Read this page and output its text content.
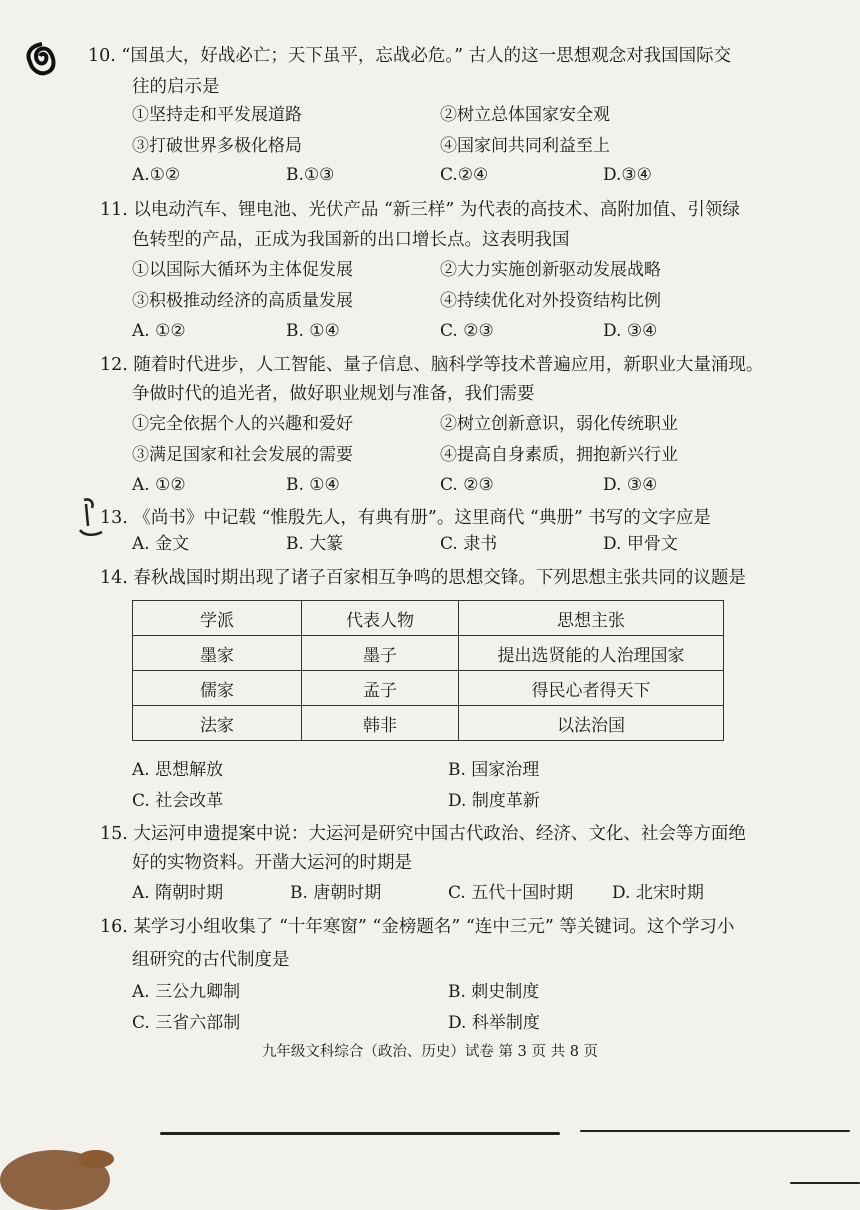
10. “国虽大，好战必亡；天下虽平，忘战必危。” 古人的这一思想观念对我国国际交
往的启示是
①坚持走和平发展道路	②树立总体国家安全观
③打破世界多极化格局	④国家间共同利益至上
A.①②	B.①③	C.②④	D.③④
11. 以电动汽车、锂电池、光伏产品 “新三样” 为代表的高技术、高附加值、引领绿
色转型的产品，正成为我国新的出口增长点。这表明我国
①以国际大循环为主体促发展	②大力实施创新驱动发展战略
③积极推动经济的高质量发展	④持续优化对外投资结构比例
A. ①②	B. ①④	C. ②③	D. ③④
12. 随着时代进步，人工智能、量子信息、脑科学等技术普遍应用，新职业大量涌现。
争做时代的追光者，做好职业规划与准备，我们需要
①完全依据个人的兴趣和爱好	②树立创新意识，弱化传统职业
③满足国家和社会发展的需要	④提高自身素质，拥抱新兴行业
A. ①②	B. ①④	C. ②③	D. ③④
13. 《尚书》中记载 “惟殷先人，有典有册”。这里商代 “典册” 书写的文字应是
A. 金文	B. 大篆	C. 隶书	D. 甲骨文
14. 春秋战国时期出现了诸子百家相互争鸣的思想交锋。下列思想主张共同的议题是
学派	代表人物	思想主张
墨家	墨子	提出选贤能的人治理国家
儒家	孟子	得民心者得天下
法家	韩非	以法治国
A. 思想解放	B. 国家治理
C. 社会改革	D. 制度革新
15. 大运河申遗提案中说：大运河是研究中国古代政治、经济、文化、社会等方面绝
好的实物资料。开凿大运河的时期是
A. 隋朝时期	B. 唐朝时期	C. 五代十国时期 D. 北宋时期
16. 某学习小组收集了 “十年寒窗” “金榜题名” “连中三元” 等关键词。这个学习小
组研究的古代制度是
A. 三公九卿制	B. 刺史制度
C. 三省六部制	D. 科举制度
九年级文科综合（政治、历史）试卷 第 3 页 共 8 页
